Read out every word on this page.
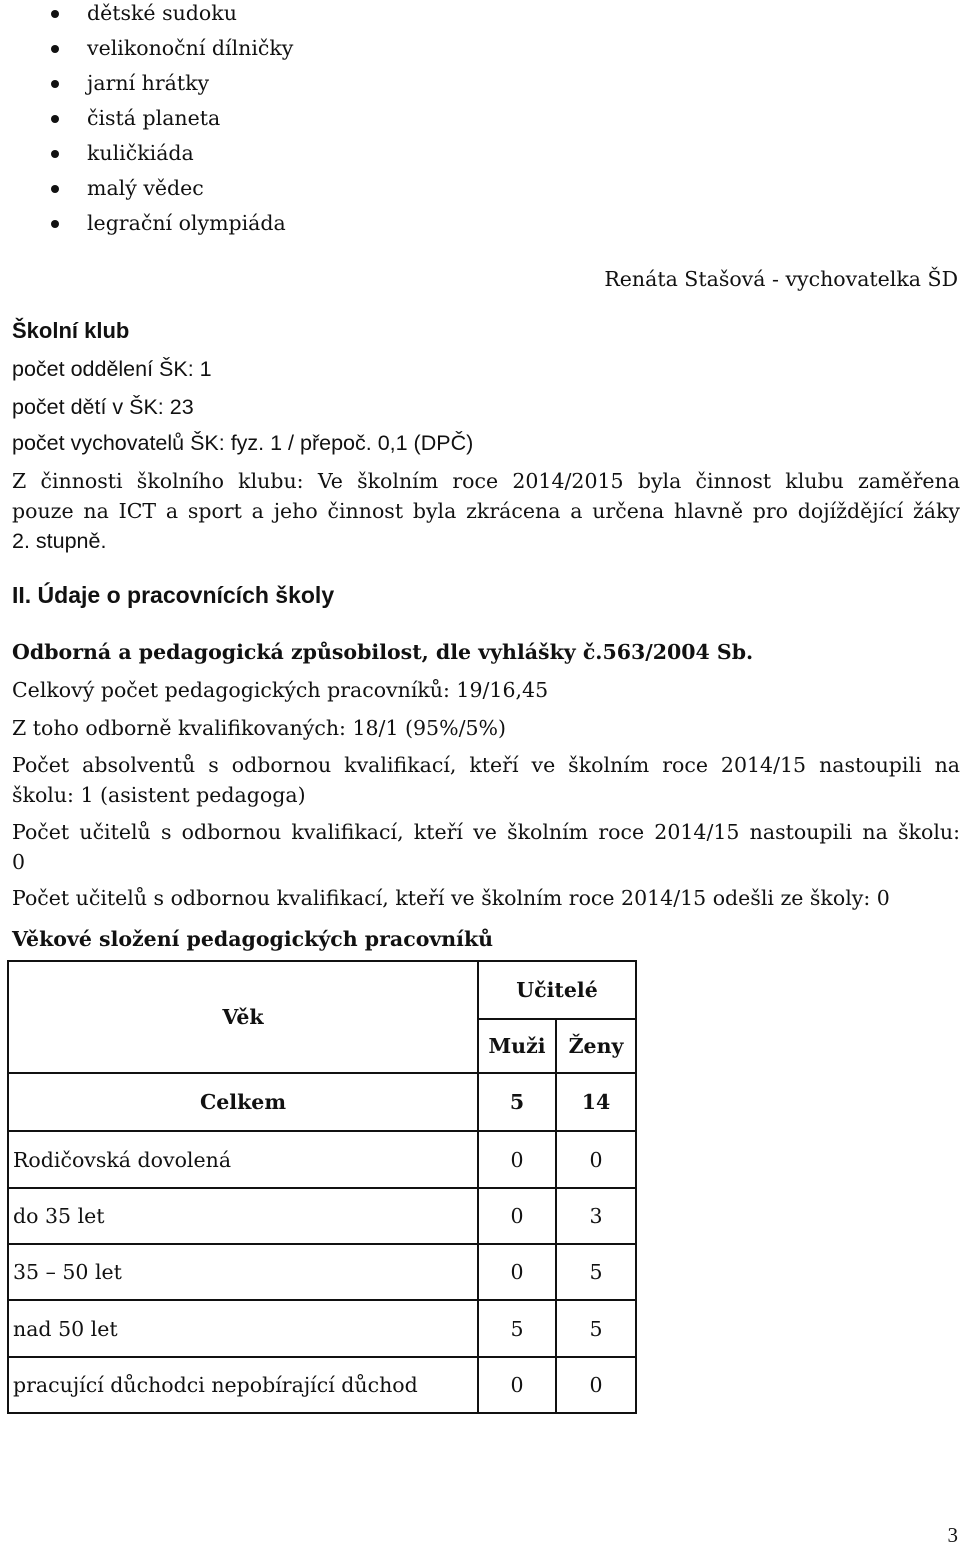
dětské sudoku
velikonoční dílničky
jarní hrátky
čistá planeta
kuličkiáda
malý vědec
legrační olympiáda
Renáta Stašová - vychovatelka ŠD
Školní klub
počet oddělení ŠK: 1
počet dětí v ŠK: 23
počet vychovatelů ŠK: fyz. 1 / přepoč. 0,1 (DPČ)
Z činnosti školního klubu: Ve školním roce 2014/2015 byla činnost klubu zaměřena
pouze na ICT a sport a jeho činnost byla zkrácena a určena hlavně pro dojíždějící žáky
2. stupně.
II. Údaje o pracovnících školy
Odborná a pedagogická způsobilost, dle vyhlášky č.563/2004 Sb.
Celkový počet pedagogických pracovníků: 19/16,45
Z toho odborně kvalifikovaných: 18/1 (95%/5%)
Počet absolventů s odbornou kvalifikací, kteří ve školním roce 2014/15 nastoupili na
školu: 1 (asistent pedagoga)
Počet učitelů s odbornou kvalifikací, kteří ve školním roce 2014/15 nastoupili na školu:
0
Počet učitelů s odbornou kvalifikací, kteří ve školním roce 2014/15 odešli ze školy: 0
Věkové složení pedagogických pracovníků
Věk	Učitelé	
	Muži	Ženy
Celkem	5	14
Rodičovská dovolená	0	0
do 35 let	0	3
35 – 50 let	0	5
nad 50 let	5	5
pracující důchodci nepobírající důchod	0	0
3
